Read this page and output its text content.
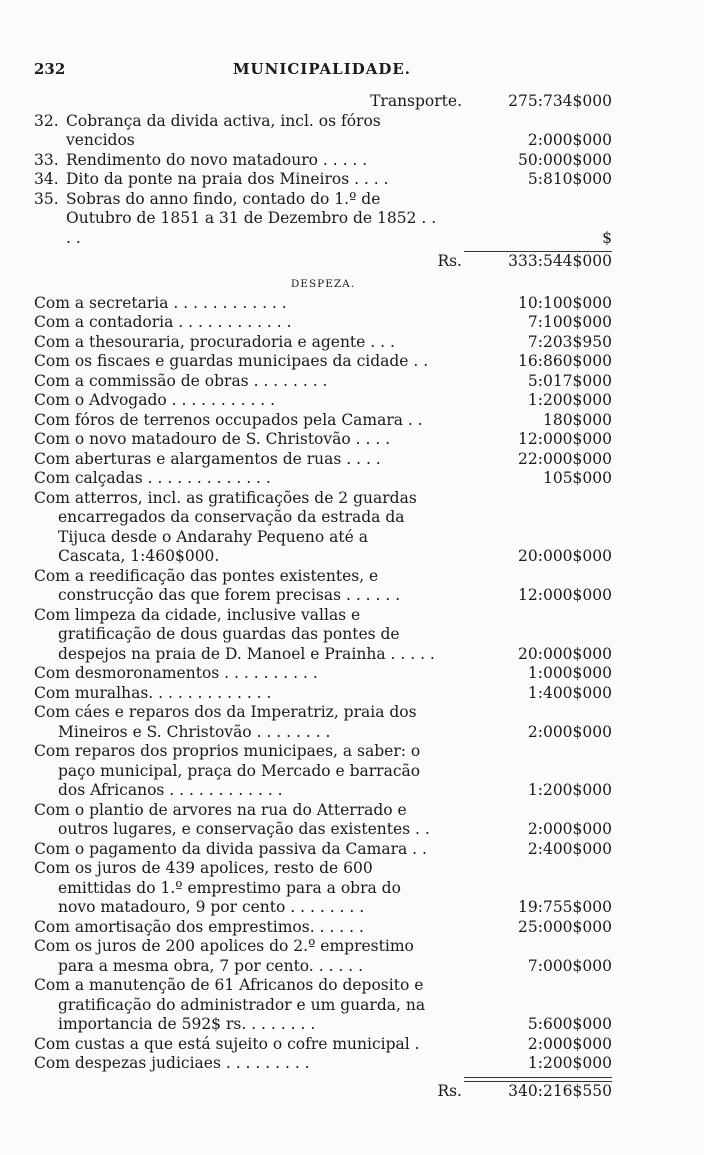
232	MUNICIPALIDADE.
Transporte.	275:734$000
32. Cobrança da divida activa, incl. os fóros vencidos	2:000$000
33. Rendimento do novo matadouro . . . . .	50:000$000
34. Dito da ponte na praia dos Mineiros . . . .	5:810$000
35. Sobras do anno findo, contado do 1.º de Outubro de 1851 a 31 de Dezembro de 1852 . . . .	$
Rs.	333:544$000
DESPEZA.
Com a secretaria . . . . . . . . . . . .	10:100$000
Com a contadoria . . . . . . . . . . . .	7:100$000
Com a thesouraria, procuradoria e agente . . .	7:203$950
Com os fiscaes e guardas municipaes da cidade . .	16:860$000
Com a commissão de obras . . . . . . . .	5:017$000
Com o Advogado . . . . . . . . . . .	1:200$000
Com fóros de terrenos occupados pela Camara . .	180$000
Com o novo matadouro de S. Christovão . . . .	12:000$000
Com aberturas e alargamentos de ruas . . . .	22:000$000
Com calçadas . . . . . . . . . . . . .	105$000
Com atterros, incl. as gratificações de 2 guardas encarregados da conservação da estrada da Tijuca desde o Andarahy Pequeno até a Cascata, 1:460$000.	20:000$000
Com a reedificação das pontes existentes, e construcção das que forem precisas . . . . . .	12:000$000
Com limpeza da cidade, inclusive vallas e gratificação de dous guardas das pontes de despejos na praia de D. Manoel e Prainha . . . . .	20:000$000
Com desmoronamentos . . . . . . . . . .	1:000$000
Com muralhas. . . . . . . . . . . . .	1:400$000
Com cáes e reparos dos da Imperatriz, praia dos Mineiros e S. Christovão . . . . . . . .	2:000$000
Com reparos dos proprios municipaes, a saber: o paço municipal, praça do Mercado e barracão dos Africanos . . . . . . . . . . . .	1:200$000
Com o plantio de arvores na rua do Atterrado e outros lugares, e conservação das existentes . .	2:000$000
Com o pagamento da divida passiva da Camara . .	2:400$000
Com os juros de 439 apolices, resto de 600 emittidas do 1.º emprestimo para a obra do novo matadouro, 9 por cento . . . . . . . .	19:755$000
Com amortisação dos emprestimos. . . . . .	25:000$000
Com os juros de 200 apolices do 2.º emprestimo para a mesma obra, 7 por cento. . . . . .	7:000$000
Com a manutenção de 61 Africanos do deposito e gratificação do administrador e um guarda, na importancia de 592$ rs. . . . . . . .	5:600$000
Com custas a que está sujeito o cofre municipal .	2:000$000
Com despezas judiciaes . . . . . . . . .	1:200$000
Rs.	340:216$550
